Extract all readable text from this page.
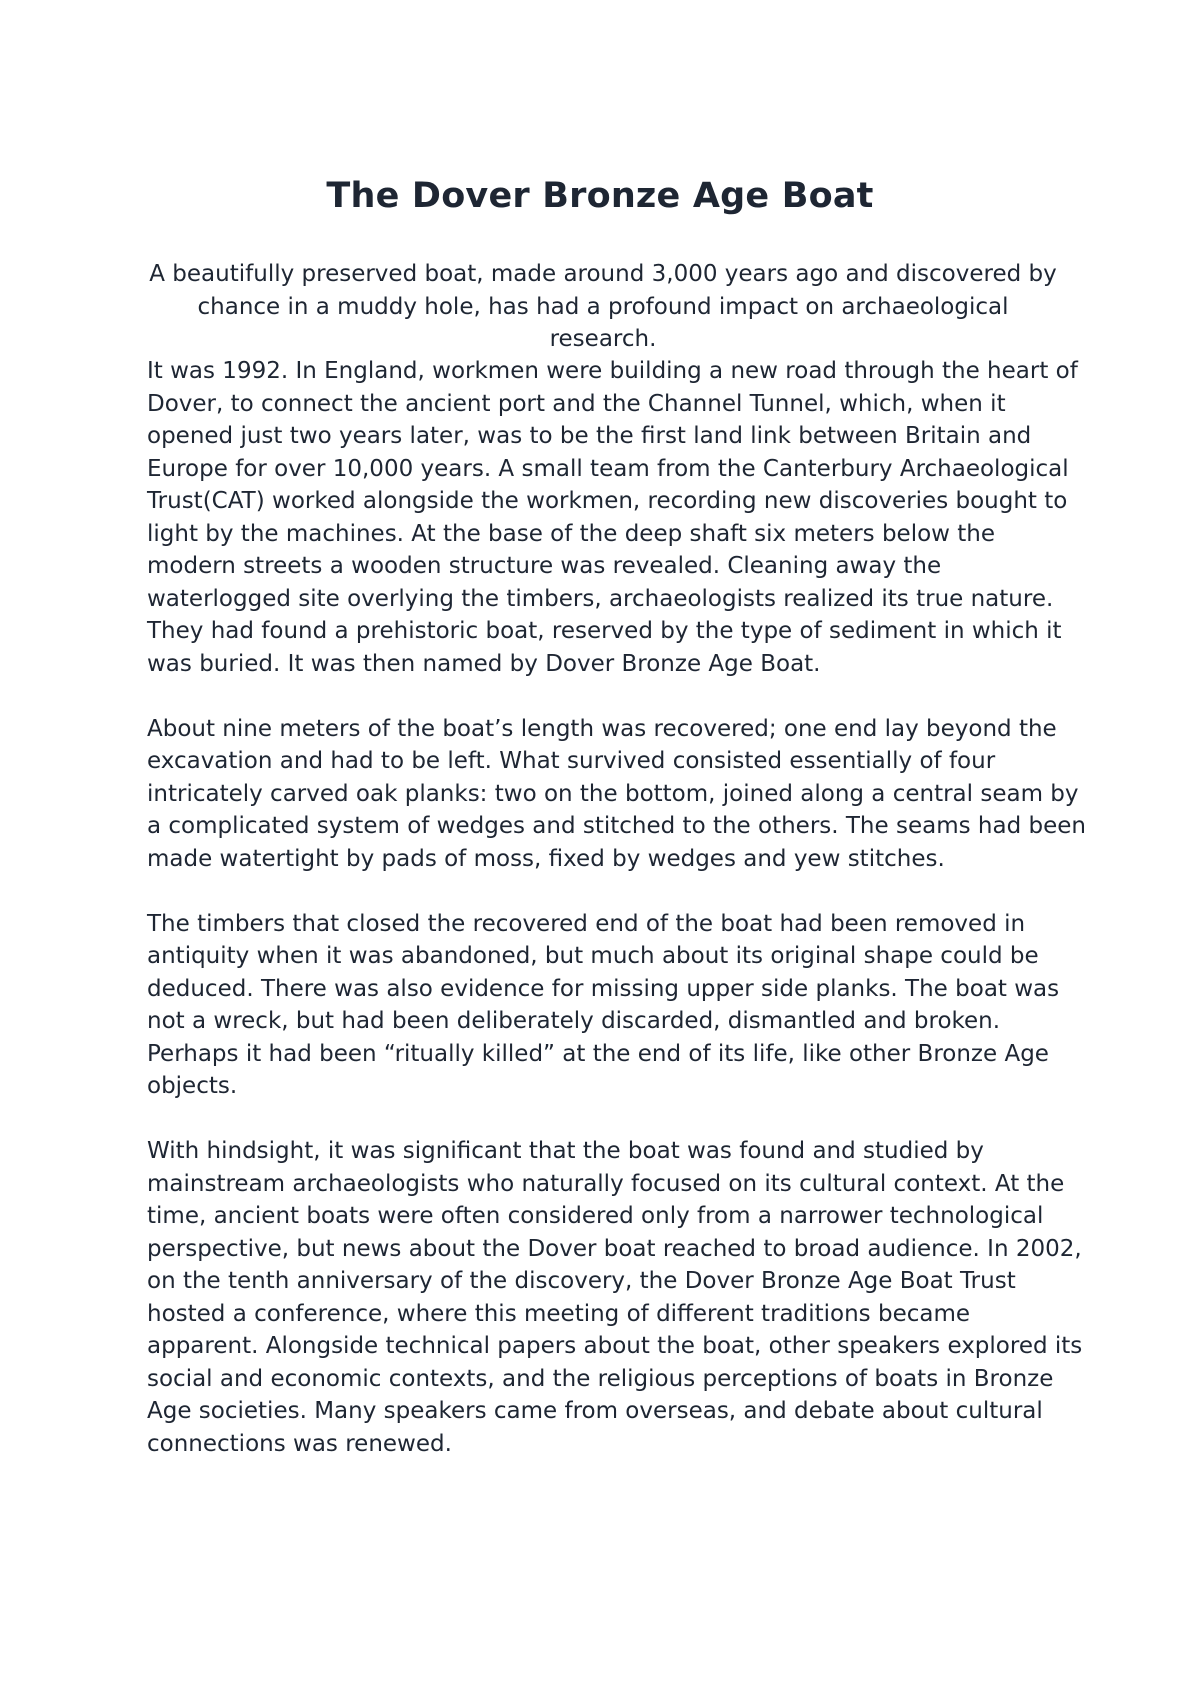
The Dover Bronze Age Boat

A beautifully preserved boat, made around 3,000 years ago and discovered by chance in a muddy hole, has had a profound impact on archaeological research.

It was 1992. In England, workmen were building a new road through the heart of Dover, to connect the ancient port and the Channel Tunnel, which, when it opened just two years later, was to be the first land link between Britain and Europe for over 10,000 years. A small team from the Canterbury Archaeological Trust(CAT) worked alongside the workmen, recording new discoveries bought to light by the machines. At the base of the deep shaft six meters below the modern streets a wooden structure was revealed. Cleaning away the waterlogged site overlying the timbers, archaeologists realized its true nature. They had found a prehistoric boat, reserved by the type of sediment in which it was buried. It was then named by Dover Bronze Age Boat.

About nine meters of the boat’s length was recovered; one end lay beyond the excavation and had to be left. What survived consisted essentially of four intricately carved oak planks: two on the bottom, joined along a central seam by a complicated system of wedges and stitched to the others. The seams had been made watertight by pads of moss, fixed by wedges and yew stitches.

The timbers that closed the recovered end of the boat had been removed in antiquity when it was abandoned, but much about its original shape could be deduced. There was also evidence for missing upper side planks. The boat was not a wreck, but had been deliberately discarded, dismantled and broken. Perhaps it had been “ritually killed” at the end of its life, like other Bronze Age objects.

With hindsight, it was significant that the boat was found and studied by mainstream archaeologists who naturally focused on its cultural context. At the time, ancient boats were often considered only from a narrower technological perspective, but news about the Dover boat reached to broad audience. In 2002, on the tenth anniversary of the discovery, the Dover Bronze Age Boat Trust hosted a conference, where this meeting of different traditions became apparent. Alongside technical papers about the boat, other speakers explored its social and economic contexts, and the religious perceptions of boats in Bronze Age societies. Many speakers came from overseas, and debate about cultural connections was renewed.
